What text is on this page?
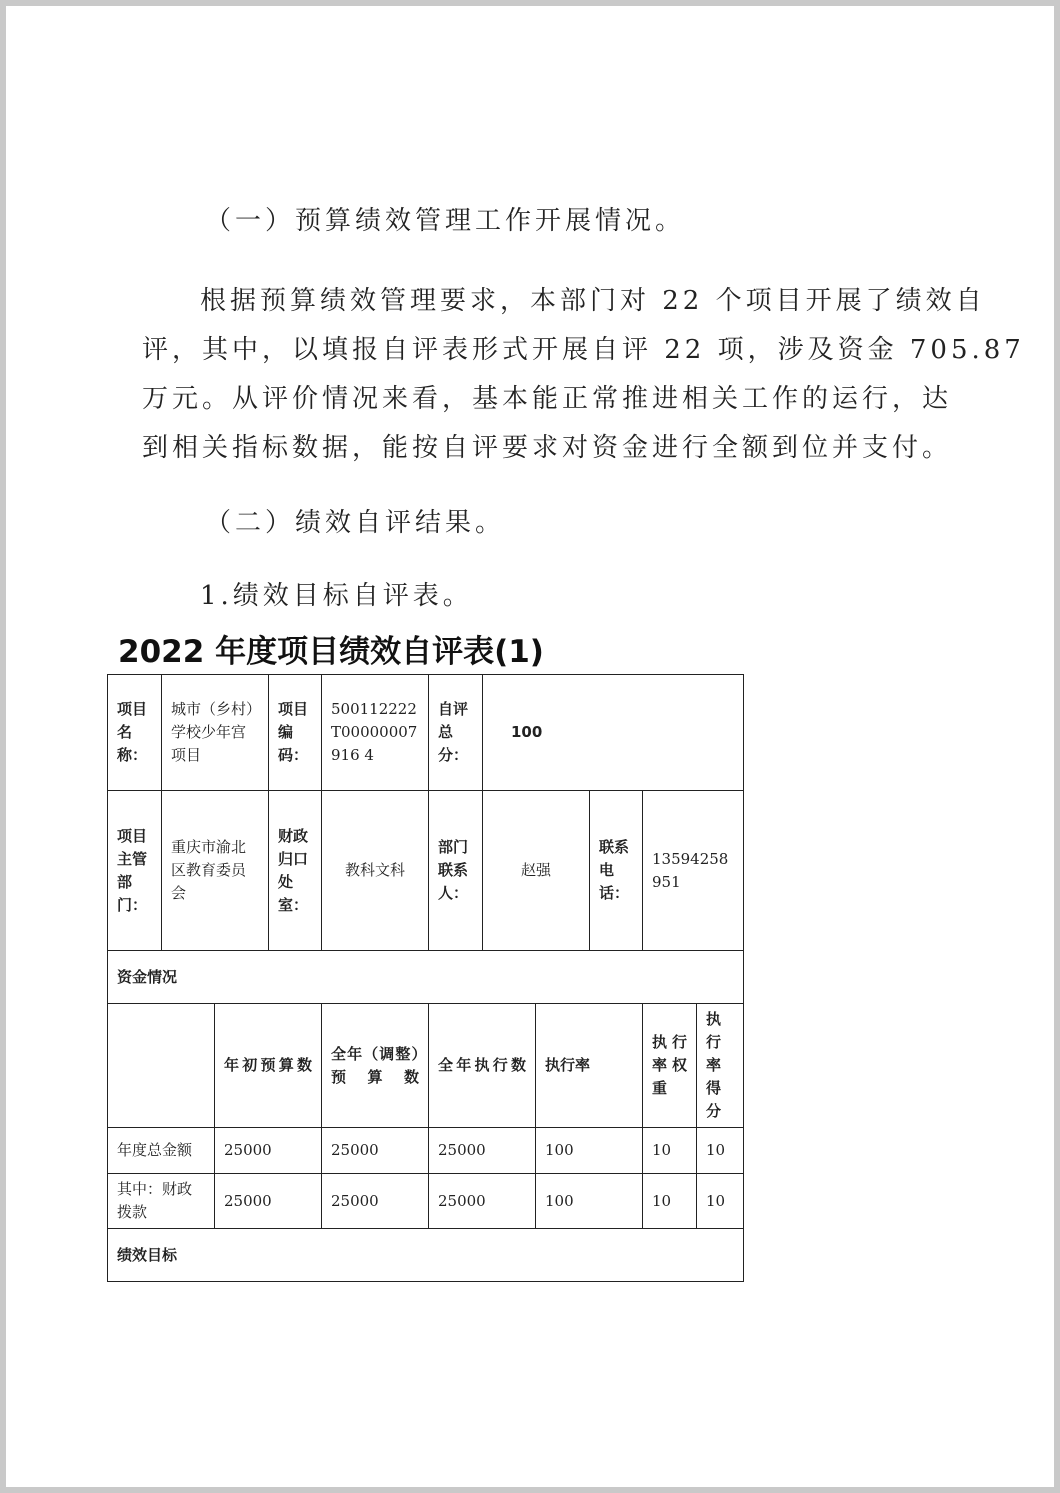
（一）预算绩效管理工作开展情况。

根据预算绩效管理要求，本部门对 22 个项目开展了绩效自

评，其中，以填报自评表形式开展自评 22 项，涉及资金 705.87

万元。从评价情况来看，基本能正常推进相关工作的运行，达

到相关指标数据，能按自评要求对资金进行全额到位并支付。

（二）绩效自评结果。

1.绩效目标自评表。

2022 年度项目绩效自评表(1)

项目名称：	城市（乡村）学校少年宫项目		项目编码：	500112222T00000007916 4	自评总分：	100				
项目主管部门：	重庆市渝北区教育委员会		财政归口处室：	教科文科	部门联系人：	赵强		联系电话：	13594258951	
资金情况										
		年初预算数		全年（调整）预算数	全年执行数		执行率		执行率权重	执行率得分
年度总金额		25000		25000	25000		100		10	10
其中：财政拨款		25000		25000	25000		100		10	10
绩效目标										
